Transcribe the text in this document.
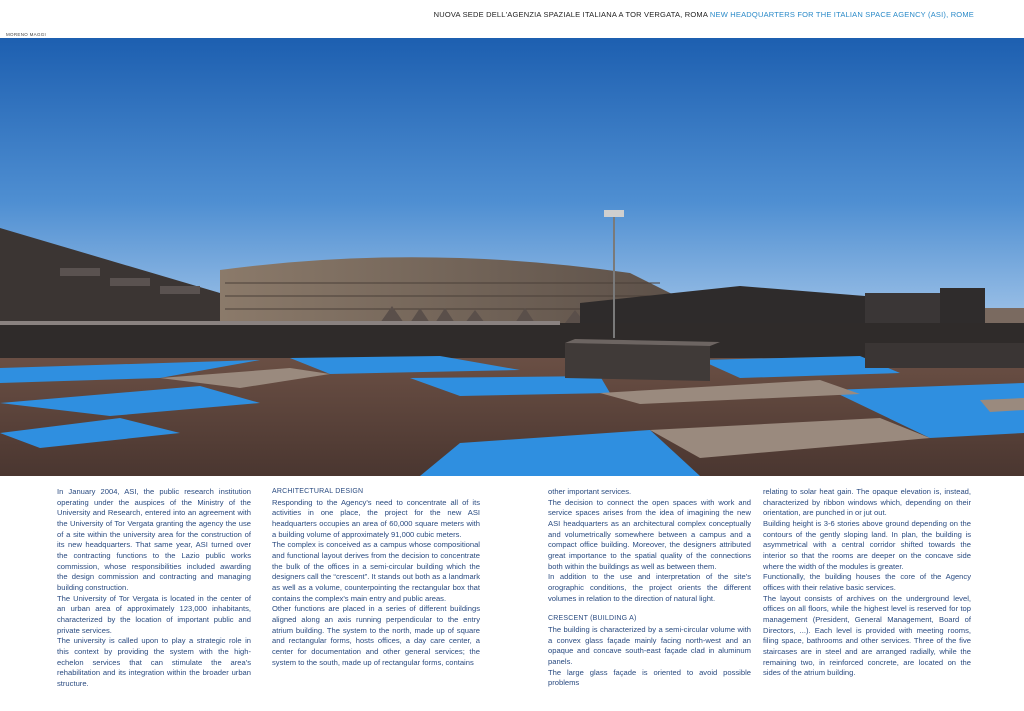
NUOVA SEDE DELL'AGENZIA SPAZIALE ITALIANA A TOR VERGATA, ROMA NEW HEADQUARTERS FOR THE ITALIAN SPACE AGENCY (ASI), ROME
MORENO MAGGI

In January 2004, ASI, the public research institution operating under the auspices of the Ministry of the University and Research, entered into an agreement with the University of Tor Vergata granting the agency the use of a site within the university area for the construction of its new headquarters. That same year, ASI turned over the contracting functions to the Lazio public works commission, whose responsibilities included awarding the design commission and contracting and managing building construction.

The University of Tor Vergata is located in the center of an urban area of approximately 123,000 inhabitants, characterized by the location of important public and private services.

The university is called upon to play a strategic role in this context by providing the system with the high-echelon services that can stimulate the area's rehabilitation and its integration within the broader urban structure.

ARCHITECTURAL DESIGN

Responding to the Agency's need to concentrate all of its activities in one place, the project for the new ASI headquarters occupies an area of 60,000 square meters with a building volume of approximately 91,000 cubic meters.

The complex is conceived as a campus whose compositional and functional layout derives from the decision to concentrate the bulk of the offices in a semi-circular building which the designers call the “crescent”. It stands out both as a landmark as well as a volume, counterpointing the rectangular box that contains the complex's main entry and public areas.

Other functions are placed in a series of different buildings aligned along an axis running perpendicular to the entry atrium building. The system to the north, made up of square and rectangular forms, hosts offices, a day care center, a center for documentation and other general services; the system to the south, made up of rectangular forms, contains

other important services.

The decision to connect the open spaces with work and service spaces arises from the idea of imagining the new ASI headquarters as an architectural complex conceptually and volumetrically somewhere between a campus and a compact office building. Moreover, the designers attributed great importance to the spatial quality of the connections both within the buildings as well as between them.

In addition to the use and interpretation of the site's orographic conditions, the project orients the different volumes in relation to the direction of natural light.

CRESCENT (BUILDING A)

The building is characterized by a semi-circular volume with a convex glass façade mainly facing north-west and an opaque and concave south-east façade clad in aluminum panels.

The large glass façade is oriented to avoid possible problems

relating to solar heat gain. The opaque elevation is, instead, characterized by ribbon windows which, depending on their orientation, are punched in or jut out.

Building height is 3-6 stories above ground depending on the contours of the gently sloping land. In plan, the building is asymmetrical with a central corridor shifted towards the interior so that the rooms are deeper on the concave side where the width of the modules is greater.

Functionally, the building houses the core of the Agency offices with their relative basic services.

The layout consists of archives on the underground level, offices on all floors, while the highest level is reserved for top management (President, General Management, Board of Directors, ...). Each level is provided with meeting rooms, filing space, bathrooms and other services. Three of the five staircases are in steel and are arranged radially, while the remaining two, in reinforced concrete, are located on the sides of the atrium building.
